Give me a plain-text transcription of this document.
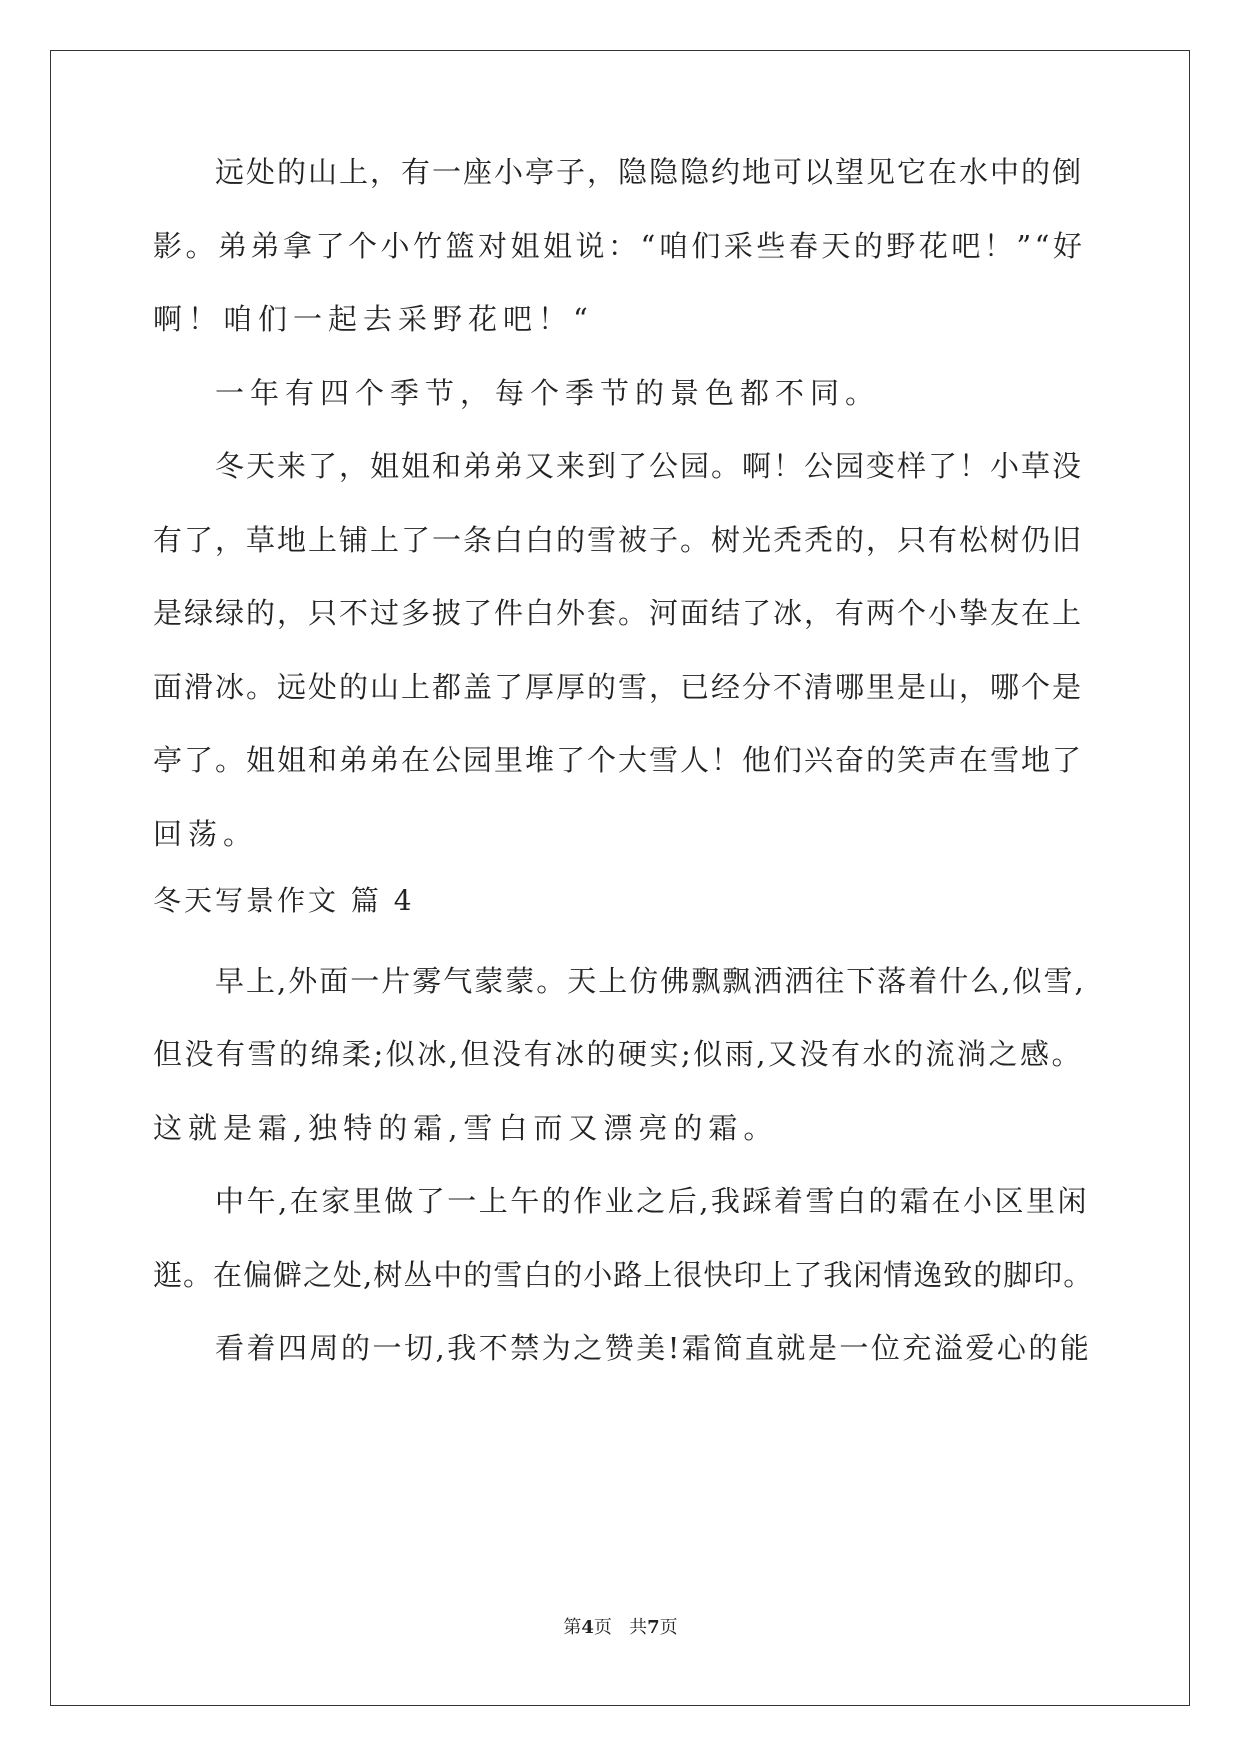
远处的山上，有一座小亭子，隐隐隐约地可以望见它在水中的倒
影。弟弟拿了个小竹篮对姐姐说：“咱们采些春天的野花吧！”“好
啊！咱们一起去采野花吧！“
一年有四个季节，每个季节的景色都不同。
冬天来了，姐姐和弟弟又来到了公园。啊！公园变样了！小草没
有了，草地上铺上了一条白白的雪被子。树光秃秃的，只有松树仍旧
是绿绿的，只不过多披了件白外套。河面结了冰，有两个小挚友在上
面滑冰。远处的山上都盖了厚厚的雪，已经分不清哪里是山，哪个是
亭了。姐姐和弟弟在公园里堆了个大雪人！他们兴奋的笑声在雪地了
回荡。
冬天写景作文 篇 4
早上,外面一片雾气蒙蒙。天上仿佛飘飘洒洒往下落着什么,似雪,
但没有雪的绵柔;似冰,但没有冰的硬实;似雨,又没有水的流淌之感。
这就是霜,独特的霜,雪白而又漂亮的霜。
中午,在家里做了一上午的作业之后,我踩着雪白的霜在小区里闲
逛。在偏僻之处,树丛中的雪白的小路上很快印上了我闲情逸致的脚印。
看着四周的一切,我不禁为之赞美!霜简直就是一位充溢爱心的能
第4页   共7页
